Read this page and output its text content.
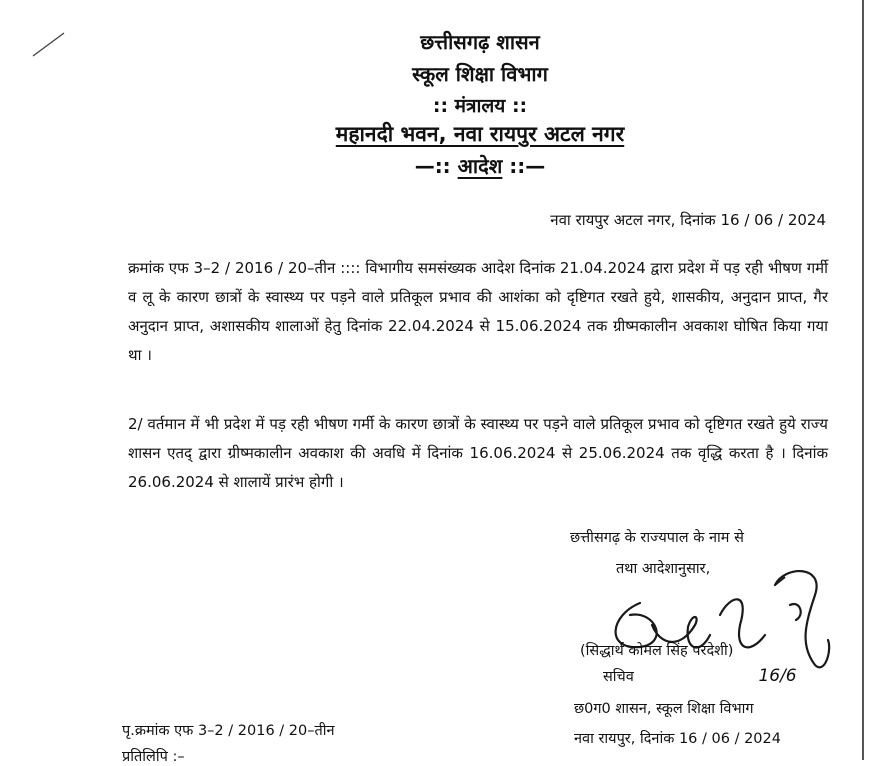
छत्तीसगढ़ शासन
स्कूल शिक्षा विभाग
:: मंत्रालय ::
महानदी भवन, नवा रायपुर अटल नगर
—:: आदेश ::—
नवा रायपुर अटल नगर, दिनांक 16 / 06 / 2024
क्रमांक एफ 3–2 / 2016 / 20–तीन :::: विभागीय समसंख्यक आदेश दिनांक 21.04.2024 द्वारा प्रदेश में पड़ रही भीषण गर्मी व लू के कारण छात्रों के स्वास्थ्य पर पड़ने वाले प्रतिकूल प्रभाव की आशंका को दृष्टिगत रखते हुये, शासकीय, अनुदान प्राप्त, गैर अनुदान प्राप्त, अशासकीय शालाओं हेतु दिनांक 22.04.2024 से 15.06.2024 तक ग्रीष्मकालीन अवकाश घोषित किया गया था ।
2/ वर्तमान में भी प्रदेश में पड़ रही भीषण गर्मी के कारण छात्रों के स्वास्थ्य पर पड़ने वाले प्रतिकूल प्रभाव को दृष्टिगत रखते हुये राज्य शासन एतद् द्वारा ग्रीष्मकालीन अवकाश की अवधि में दिनांक 16.06.2024 से 25.06.2024 तक वृद्धि करता है । दिनांक 26.06.2024 से शालायें प्रारंभ होगी ।
छत्तीसगढ़ के राज्यपाल के नाम से
तथा आदेशानुसार,
(सिद्धार्थ कोमल सिंह परदेशी)
सचिव	16/6
छ0ग0 शासन, स्कूल शिक्षा विभाग
नवा रायपुर, दिनांक 16 / 06 / 2024
पृ.क्रमांक एफ 3–2 / 2016 / 20–तीन
प्रतिलिपि :–
